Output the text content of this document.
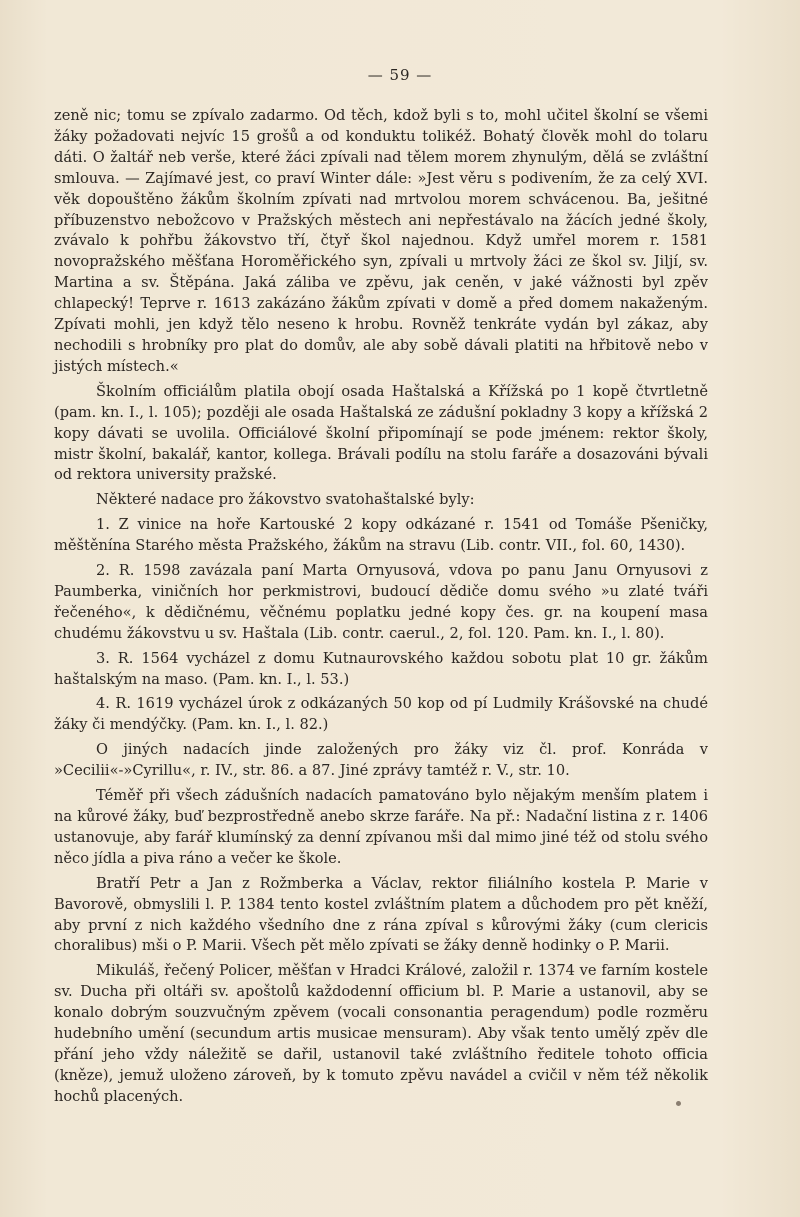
— 59 —

zeně nic; tomu se zpívalo zadarmo. Od těch, kdož byli s to, mohl učitel školní se všemi žáky požadovati nejvíc 15 grošů a od konduktu tolikéž. Bohatý člověk mohl do tolaru dáti. O žaltář neb verše, které žáci zpívali nad tělem morem zhynulým, dělá se zvláštní smlouva. — Zajímavé jest, co praví Winter dále: »Jest věru s podivením, že za celý XVI. věk dopouštěno žákům školním zpívati nad mrtvolou morem schvácenou. Ba, ješitné příbuzenstvo nebožcovo v Pražských městech ani nepřestávalo na žácích jedné školy, zvávalo k pohřbu žákovstvo tří, čtyř škol najednou. Když umřel morem r. 1581 novopražského měšťana Horoměřického syn, zpívali u mrtvoly žáci ze škol sv. Jiljí, sv. Martina a sv. Štěpána. Jaká záliba ve zpěvu, jak ceněn, v jaké vážnosti byl zpěv chlapecký! Teprve r. 1613 zakázáno žákům zpívati v domě a před domem nakaženým. Zpívati mohli, jen když tělo neseno k hrobu. Rovněž tenkráte vydán byl zákaz, aby nechodili s hrobníky pro plat do domův, ale aby sobě dávali platiti na hřbitově nebo v jistých místech.«

Školním officiálům platila obojí osada Haštalská a Křížská po 1 kopě čtvrtletně (pam. kn. I., l. 105); později ale osada Haštalská ze zádušní pokladny 3 kopy a křížská 2 kopy dávati se uvolila. Officiálové školní připomínají se pode jménem: rektor školy, mistr školní, bakalář, kantor, kollega. Brávali podílu na stolu faráře a dosazováni bývali od rektora university pražské.

Některé nadace pro žákovstvo svatohaštalské byly:

1. Z vinice na hoře Kartouské 2 kopy odkázané r. 1541 od Tomáše Pšeničky, měštěnína Starého města Pražského, žákům na stravu (Lib. contr. VII., fol. 60, 1430).

2. R. 1598 zavázala paní Marta Ornyusová, vdova po panu Janu Ornyusovi z Paumberka, viničních hor perkmistrovi, budoucí dědiče domu svého »u zlaté tváři řečeného«, k dědičnému, věčnému poplatku jedné kopy čes. gr. na koupení masa chudému žákovstvu u sv. Haštala (Lib. contr. caerul., 2, fol. 120. Pam. kn. I., l. 80).

3. R. 1564 vycházel z domu Kutnaurovského každou sobotu plat 10 gr. žákům haštalským na maso. (Pam. kn. I., l. 53.)

4. R. 1619 vycházel úrok z odkázaných 50 kop od pí Ludmily Krášovské na chudé žáky či mendýčky. (Pam. kn. I., l. 82.)

O jiných nadacích jinde založených pro žáky viz čl. prof. Konráda v »Cecilii«-»Cyrillu«, r. IV., str. 86. a 87. Jiné zprávy tamtéž r. V., str. 10.

Téměř při všech zádušních nadacích pamatováno bylo nějakým menším platem i na kůrové žáky, buď bezprostředně anebo skrze faráře. Na př.: Nadační listina z r. 1406 ustanovuje, aby farář klumínský za denní zpívanou mši dal mimo jiné též od stolu svého něco jídla a piva ráno a večer ke škole.

Bratří Petr a Jan z Rožmberka a Václav, rektor filiálního kostela P. Marie v Bavorově, obmyslili l. P. 1384 tento kostel zvláštním platem a důchodem pro pět kněží, aby první z nich každého všedního dne z rána zpíval s kůrovými žáky (cum clericis choralibus) mši o P. Marii. Všech pět mělo zpívati se žáky denně hodinky o P. Marii.

Mikuláš, řečený Policer, měšťan v Hradci Králové, založil r. 1374 ve farním kostele sv. Ducha při oltáři sv. apoštolů každodenní officium bl. P. Marie a ustanovil, aby se konalo dobrým souzvučným zpěvem (vocali consonantia peragendum) podle rozměru hudebního umění (secundum artis musicae mensuram). Aby však tento umělý zpěv dle přání jeho vždy náležitě se dařil, ustanovil také zvláštního ředitele tohoto officia (kněze), jemuž uloženo zároveň, by k tomuto zpěvu navádel a cvičil v něm též několik hochů placených.
